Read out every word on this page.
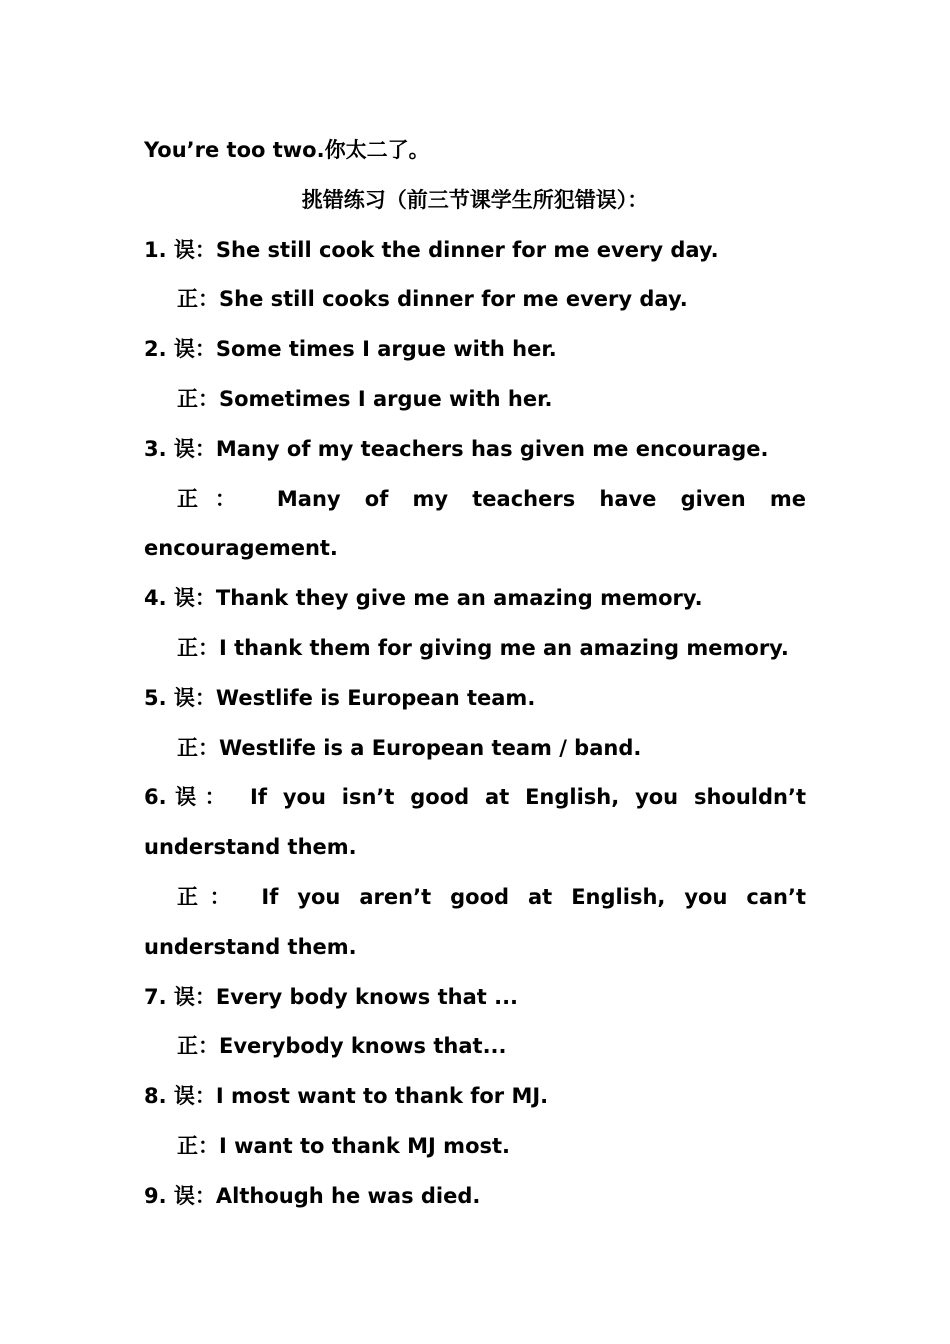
You’re too two.你太二了。
挑错练习（前三节课学生所犯错误）：
1. 误：She still cook the dinner for me every day.
正：She still cooks dinner for me every day.
2. 误：Some times I argue with her.
正：Sometimes I argue with her.
3. 误：Many of my teachers has given me encourage.
正： Many of my teachers have given me
encouragement.
4. 误：Thank they give me an amazing memory.
正：I thank them for giving me an amazing memory.
5. 误：Westlife is European team.
正：Westlife is a European team / band.
6.误： If you isn’t good at English, you shouldn’t
understand them.
正： If you aren’t good at English, you can’t
understand them.
7. 误：Every body knows that ...
正：Everybody knows that...
8. 误：I most want to thank for MJ.
正：I want to thank MJ most.
9. 误：Although he was died.
